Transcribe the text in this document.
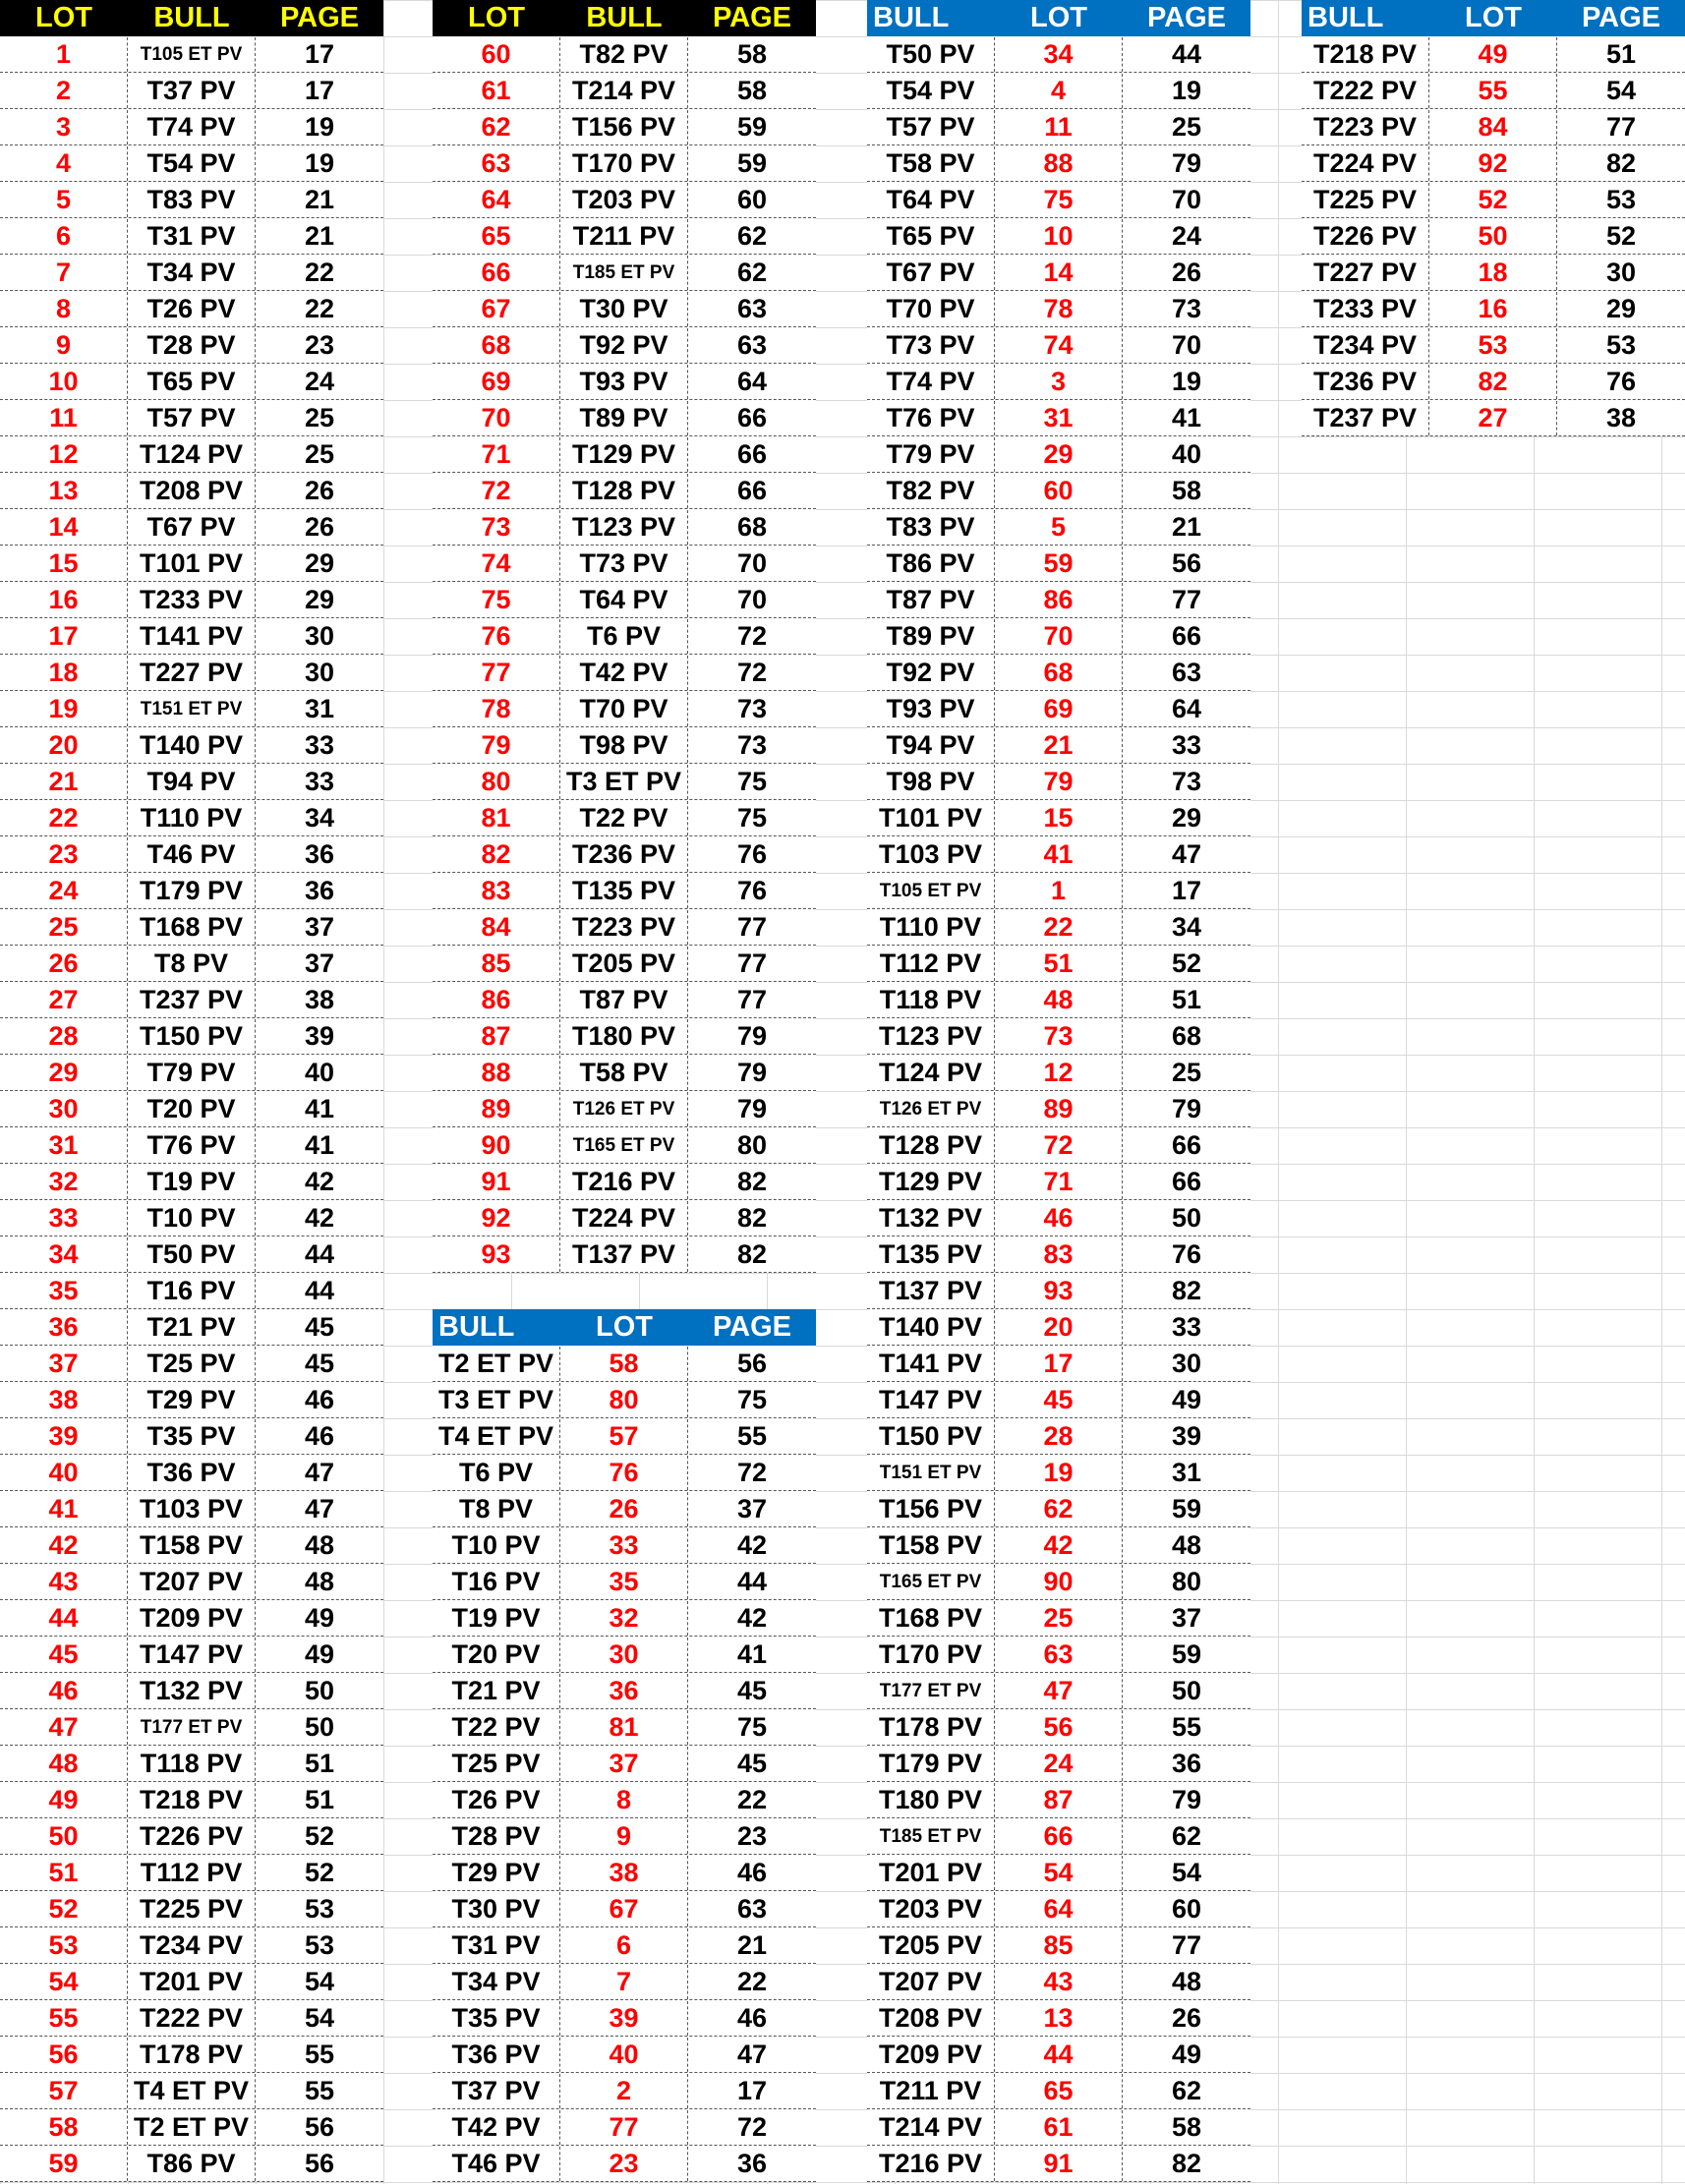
LOT	BULL	PAGE
1	T105 ET PV	17
2	T37 PV	17
3	T74 PV	19
4	T54 PV	19
5	T83 PV	21
6	T31 PV	21
7	T34 PV	22
8	T26 PV	22
9	T28 PV	23
10	T65 PV	24
11	T57 PV	25
12	T124 PV	25
13	T208 PV	26
14	T67 PV	26
15	T101 PV	29
16	T233 PV	29
17	T141 PV	30
18	T227 PV	30
19	T151 ET PV	31
20	T140 PV	33
21	T94 PV	33
22	T110 PV	34
23	T46 PV	36
24	T179 PV	36
25	T168 PV	37
26	T8 PV	37
27	T237 PV	38
28	T150 PV	39
29	T79 PV	40
30	T20 PV	41
31	T76 PV	41
32	T19 PV	42
33	T10 PV	42
34	T50 PV	44
35	T16 PV	44
36	T21 PV	45
37	T25 PV	45
38	T29 PV	46
39	T35 PV	46
40	T36 PV	47
41	T103 PV	47
42	T158 PV	48
43	T207 PV	48
44	T209 PV	49
45	T147 PV	49
46	T132 PV	50
47	T177 ET PV	50
48	T118 PV	51
49	T218 PV	51
50	T226 PV	52
51	T112 PV	52
52	T225 PV	53
53	T234 PV	53
54	T201 PV	54
55	T222 PV	54
56	T178 PV	55
57	T4 ET PV	55
58	T2 ET PV	56
59	T86 PV	56
LOT	BULL	PAGE
60	T82 PV	58
61	T214 PV	58
62	T156 PV	59
63	T170 PV	59
64	T203 PV	60
65	T211 PV	62
66	T185 ET PV	62
67	T30 PV	63
68	T92 PV	63
69	T93 PV	64
70	T89 PV	66
71	T129 PV	66
72	T128 PV	66
73	T123 PV	68
74	T73 PV	70
75	T64 PV	70
76	T6 PV	72
77	T42 PV	72
78	T70 PV	73
79	T98 PV	73
80	T3 ET PV	75
81	T22 PV	75
82	T236 PV	76
83	T135 PV	76
84	T223 PV	77
85	T205 PV	77
86	T87 PV	77
87	T180 PV	79
88	T58 PV	79
89	T126 ET PV	79
90	T165 ET PV	80
91	T216 PV	82
92	T224 PV	82
93	T137 PV	82
BULL	LOT	PAGE
T2 ET PV	58	56
T3 ET PV	80	75
T4 ET PV	57	55
T6 PV	76	72
T8 PV	26	37
T10 PV	33	42
T16 PV	35	44
T19 PV	32	42
T20 PV	30	41
T21 PV	36	45
T22 PV	81	75
T25 PV	37	45
T26 PV	8	22
T28 PV	9	23
T29 PV	38	46
T30 PV	67	63
T31 PV	6	21
T34 PV	7	22
T35 PV	39	46
T36 PV	40	47
T37 PV	2	17
T42 PV	77	72
T46 PV	23	36
BULL	LOT	PAGE
T50 PV	34	44
T54 PV	4	19
T57 PV	11	25
T58 PV	88	79
T64 PV	75	70
T65 PV	10	24
T67 PV	14	26
T70 PV	78	73
T73 PV	74	70
T74 PV	3	19
T76 PV	31	41
T79 PV	29	40
T82 PV	60	58
T83 PV	5	21
T86 PV	59	56
T87 PV	86	77
T89 PV	70	66
T92 PV	68	63
T93 PV	69	64
T94 PV	21	33
T98 PV	79	73
T101 PV	15	29
T103 PV	41	47
T105 ET PV	1	17
T110 PV	22	34
T112 PV	51	52
T118 PV	48	51
T123 PV	73	68
T124 PV	12	25
T126 ET PV	89	79
T128 PV	72	66
T129 PV	71	66
T132 PV	46	50
T135 PV	83	76
T137 PV	93	82
T140 PV	20	33
T141 PV	17	30
T147 PV	45	49
T150 PV	28	39
T151 ET PV	19	31
T156 PV	62	59
T158 PV	42	48
T165 ET PV	90	80
T168 PV	25	37
T170 PV	63	59
T177 ET PV	47	50
T178 PV	56	55
T179 PV	24	36
T180 PV	87	79
T185 ET PV	66	62
T201 PV	54	54
T203 PV	64	60
T205 PV	85	77
T207 PV	43	48
T208 PV	13	26
T209 PV	44	49
T211 PV	65	62
T214 PV	61	58
T216 PV	91	82
BULL	LOT	PAGE
T218 PV	49	51
T222 PV	55	54
T223 PV	84	77
T224 PV	92	82
T225 PV	52	53
T226 PV	50	52
T227 PV	18	30
T233 PV	16	29
T234 PV	53	53
T236 PV	82	76
T237 PV	27	38
